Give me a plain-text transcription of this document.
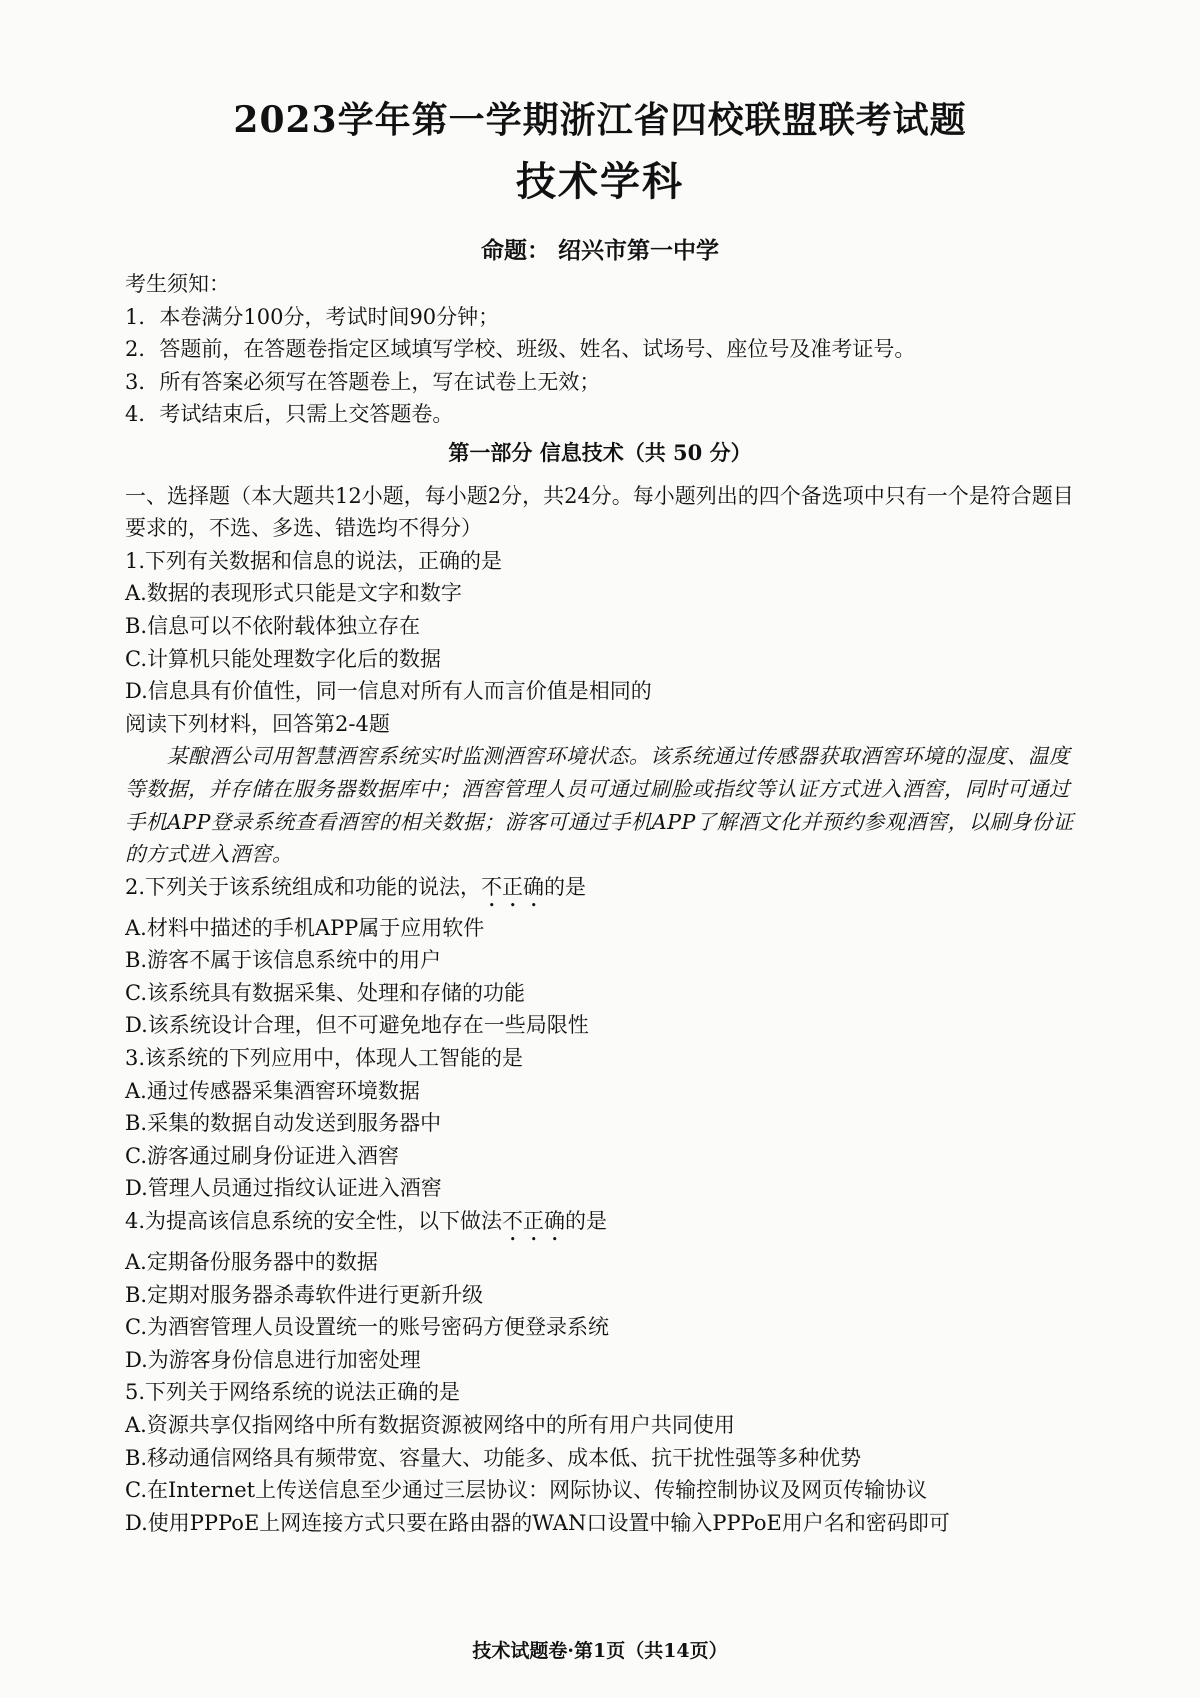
2023学年第一学期浙江省四校联盟联考试题
技术学科
命题： 绍兴市第一中学

考生须知：

1．本卷满分100分，考试时间90分钟；

2．答题前，在答题卷指定区域填写学校、班级、姓名、试场号、座位号及准考证号。

3．所有答案必须写在答题卷上，写在试卷上无效；

4．考试结束后，只需上交答题卷。

第一部分 信息技术（共 50 分）

一、选择题（本大题共12小题，每小题2分，共24分。每小题列出的四个备选项中只有一个是符合题目要求的，不选、多选、错选均不得分）

1.下列有关数据和信息的说法，正确的是

A.数据的表现形式只能是文字和数字

B.信息可以不依附载体独立存在

C.计算机只能处理数字化后的数据

D.信息具有价值性，同一信息对所有人而言价值是相同的

阅读下列材料，回答第2-4题

某酿酒公司用智慧酒窖系统实时监测酒窖环境状态。该系统通过传感器获取酒窖环境的湿度、温度等数据，并存储在服务器数据库中；酒窖管理人员可通过刷脸或指纹等认证方式进入酒窖，同时可通过手机APP登录系统查看酒窖的相关数据；游客可通过手机APP了解酒文化并预约参观酒窖，以刷身份证的方式进入酒窖。

2.下列关于该系统组成和功能的说法，不正确的是

A.材料中描述的手机APP属于应用软件

B.游客不属于该信息系统中的用户

C.该系统具有数据采集、处理和存储的功能

D.该系统设计合理，但不可避免地存在一些局限性

3.该系统的下列应用中，体现人工智能的是

A.通过传感器采集酒窖环境数据

B.采集的数据自动发送到服务器中

C.游客通过刷身份证进入酒窖

D.管理人员通过指纹认证进入酒窖

4.为提高该信息系统的安全性，以下做法不正确的是

A.定期备份服务器中的数据

B.定期对服务器杀毒软件进行更新升级

C.为酒窖管理人员设置统一的账号密码方便登录系统

D.为游客身份信息进行加密处理

5.下列关于网络系统的说法正确的是

A.资源共享仅指网络中所有数据资源被网络中的所有用户共同使用

B.移动通信网络具有频带宽、容量大、功能多、成本低、抗干扰性强等多种优势

C.在Internet上传送信息至少通过三层协议：网际协议、传输控制协议及网页传输协议

D.使用PPPoE上网连接方式只要在路由器的WAN口设置中输入PPPoE用户名和密码即可

技术试题卷·第1页（共14页）
